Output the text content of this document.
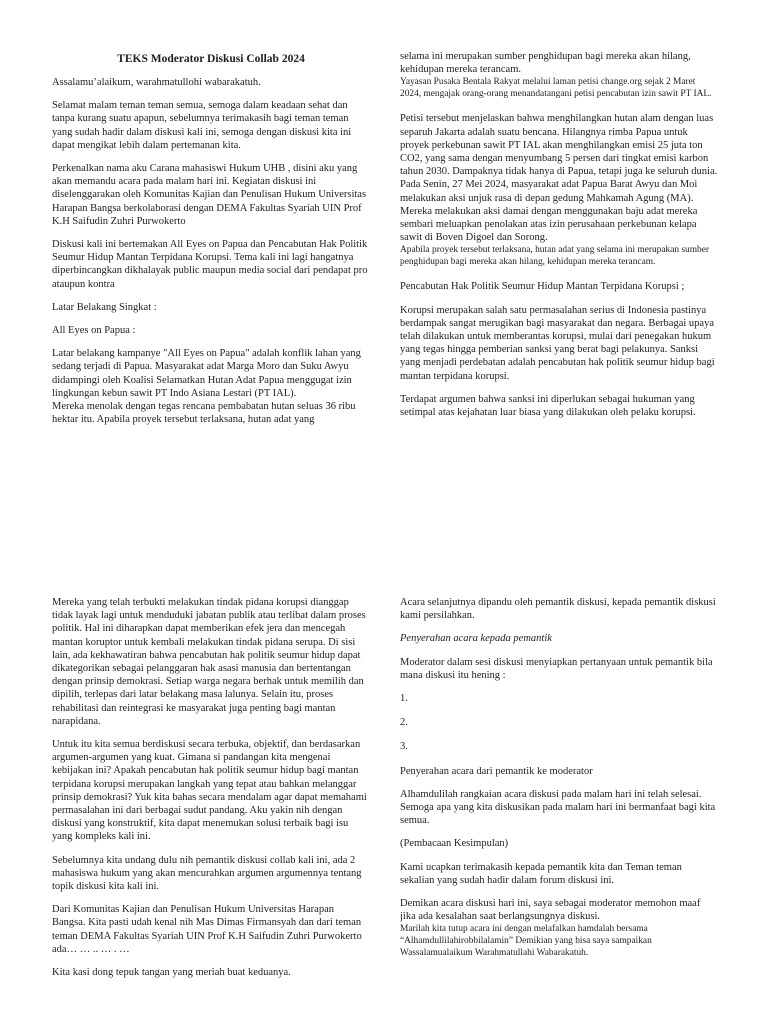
TEKS Moderator Diskusi Collab 2024

Assalamu’alaikum, warahmatullohi wabarakatuh.

Selamat malam teman teman semua, semoga dalam keadaan sehat dan tanpa kurang suatu apapun, sebelumnya terimakasih bagi teman teman yang sudah hadir dalam diskusi kali ini, semoga dengan diskusi kita ini dapat mengikat lebih dalam pertemanan kita.

Perkenalkan nama aku Carana mahasiswi Hukum UHB , disini aku yang akan memandu acara pada malam hari ini. Kegiatan diskusi ini diselenggarakan oleh Komunitas Kajian dan Penulisan Hukum Universitas Harapan Bangsa berkolaborasi dengan DEMA Fakultas Syariah UIN Prof K.H Saifudin Zuhri Purwokerto

Diskusi kali ini bertemakan All Eyes on Papua dan Pencabutan Hak Politik Seumur Hidup Mantan Terpidana Korupsi. Tema kali ini lagi hangatnya diperbincangkan dikhalayak public maupun media social dari pendapat pro ataupun kontra

Latar Belakang Singkat :

All Eyes on Papua :

Latar belakang kampanye "All Eyes on Papua" adalah konflik lahan yang sedang terjadi di Papua. Masyarakat adat Marga Moro dan Suku Awyu didampingi oleh Koalisi Selamatkan Hutan Adat Papua menggugat izin lingkungan kebun sawit PT Indo Asiana Lestari (PT IAL).

Mereka menolak dengan tegas rencana pembabatan hutan seluas 36 ribu hektar itu. Apabila proyek tersebut terlaksana, hutan adat yang

selama ini merupakan sumber penghidupan bagi mereka akan hilang, kehidupan mereka terancam.

Yayasan Pusaka Bentala Rakyat melalui laman petisi change.org sejak 2 Maret 2024, mengajak orang-orang menandatangani petisi pencabutan izin sawit PT IAL.

Petisi tersebut menjelaskan bahwa menghilangkan hutan alam dengan luas separuh Jakarta adalah suatu bencana. Hilangnya rimba Papua untuk proyek perkebunan sawit PT IAL akan menghilangkan emisi 25 juta ton CO2, yang sama dengan menyumbang 5 persen dari tingkat emisi karbon tahun 2030. Dampaknya tidak hanya di Papua, tetapi juga ke seluruh dunia.

Pada Senin, 27 Mei 2024, masyarakat adat Papua Barat Awyu dan Moi melakukan aksi unjuk rasa di depan gedung Mahkamah Agung (MA). Mereka melakukan aksi damai dengan menggunakan baju adat mereka sembari meluapkan penolakan atas izin perusahaan perkebunan kelapa sawit di Boven Digoel dan Sorong.

Apabila proyek tersebut terlaksana, hutan adat yang selama ini merupakan sumber penghidupan bagi mereka akan hilang, kehidupan mereka terancam.

Pencabutan Hak Politik Seumur Hidup Mantan Terpidana Korupsi ;

Korupsi merupakan salah satu permasalahan serius di Indonesia pastinya berdampak sangat merugikan bagi masyarakat dan negara. Berbagai upaya telah dilakukan untuk memberantas korupsi, mulai dari penegakan hukum yang tegas hingga pemberian sanksi yang berat bagi pelakunya. Sanksi yang menjadi perdebatan adalah pencabutan hak politik seumur hidup bagi mantan terpidana korupsi.

Terdapat argumen bahwa sanksi ini diperlukan sebagai hukuman yang setimpal atas kejahatan luar biasa yang dilakukan oleh pelaku korupsi.

Mereka yang telah terbukti melakukan tindak pidana korupsi dianggap tidak layak lagi untuk menduduki jabatan publik atau terlibat dalam proses politik. Hal ini diharapkan dapat memberikan efek jera dan mencegah mantan koruptor untuk kembali melakukan tindak pidana serupa. Di sisi lain, ada kekhawatiran bahwa pencabutan hak politik seumur hidup dapat dikategorikan sebagai pelanggaran hak asasi manusia dan bertentangan dengan prinsip demokrasi. Setiap warga negara berhak untuk memilih dan dipilih, terlepas dari latar belakang masa lalunya. Selain itu, proses rehabilitasi dan reintegrasi ke masyarakat juga penting bagi mantan narapidana.

Untuk itu kita semua berdiskusi secara terbuka, objektif, dan berdasarkan argumen-argumen yang kuat. Gimana si pandangan kita mengenai kebijakan ini? Apakah pencabutan hak politik seumur hidup bagi mantan terpidana korupsi merupakan langkah yang tepat atau bahkan melanggar prinsip demokrasi? Yuk kita bahas secara mendalam agar dapat memahami permasalahan ini dari berbagai sudut pandang. Aku yakin nih dengan diskusi yang konstruktif, kita dapat menemukan solusi terbaik bagi isu yang kompleks kali ini.

Sebelumnya kita undang dulu nih pemantik diskusi collab kali ini, ada 2 mahasiswa hukum yang akan mencurahkan argumen argumennya tentang topik diskusi kita kali ini.

Dari Komunitas Kajian dan Penulisan Hukum Universitas Harapan Bangsa. Kita pasti udah kenal nih Mas Dimas Firmansyah dan dari teman teman DEMA Fakultas Syariah UIN Prof K.H Saifudin Zuhri Purwokerto ada… … .. … . …

Kita kasi dong tepuk tangan yang meriah buat keduanya.

Acara selanjutnya dipandu oleh pemantik diskusi, kepada pemantik diskusi kami persilahkan.

Penyerahan acara kepada pemantik

Moderator dalam sesi diskusi menyiapkan pertanyaan untuk pemantik bila mana diskusi itu hening :

1.
2.
3.

Penyerahan acara dari pemantik ke moderator

Alhamdulilah rangkaian acara diskusi pada malam hari ini telah selesai. Semoga apa yang kita diskusikan pada malam hari ini bermanfaat bagi kita semua.

(Pembacaan Kesimpulan)

Kami ucapkan terimakasih kepada pemantik kita dan Teman teman sekalian yang sudah hadir dalam forum diskusi ini.

Demikan acara diskusi hari ini, saya sebagai moderator memohon maaf jika ada kesalahan saat berlangsungnya diskusi.

Marilah kita tutup acara ini dengan melafalkan hamdalah bersama “Alhamdullilahirobbilalamin” Demikian yang bisa saya sampaikan Wassalamualaikum Warahmatullahi Wabarakatuh.
